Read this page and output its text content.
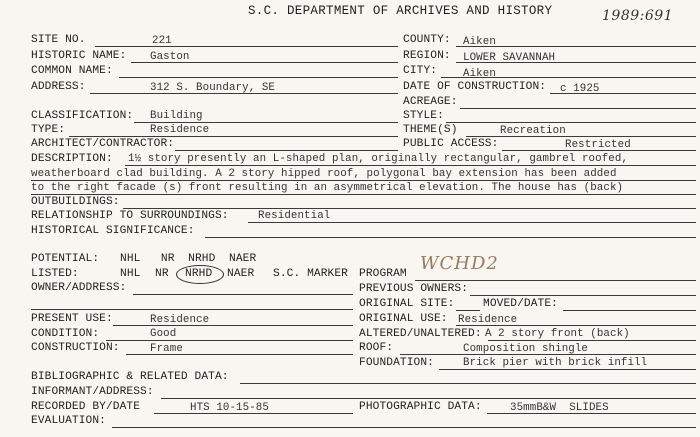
S.C. DEPARTMENT OF ARCHIVES AND HISTORY	1989:691
SITE NO.	221	COUNTY: Aiken
HISTORIC NAME: Gaston	REGION: LOWER SAVANNAH
COMMON NAME:	CITY: Aiken
ADDRESS:	312 S. Boundary, SE	DATE OF CONSTRUCTION: c 1925
ACREAGE:
CLASSIFICATION: Building	STYLE:
TYPE:	Residence	THEME(S)	Recreation
ARCHITECT/CONTRACTOR:	PUBLIC ACCESS:	Restricted
DESCRIPTION: 1½ story presently an L-shaped plan, originally rectangular, gambrel roofed,
weatherboard clad building. A 2 story hipped roof, polygonal bay extension has been added
to the right facade (s) front resulting in an asymmetrical elevation. The house has (back)
OUTBUILDINGS:
RELATIONSHIP TO SURROUNDINGS:	Residential
HISTORICAL SIGNIFICANCE:
POTENTIAL: NHL   NR  NRHD  NAER
LISTED:	NHL NR NRHD NAER S.C. MARKER PROGRAM WCHD2
OWNER/ADDRESS:	PREVIOUS OWNERS:
ORIGINAL SITE:	MOVED/DATE:
PRESENT USE:	Residence	ORIGINAL USE: Residence
CONDITION:	Good	ALTERED/UNALTERED: A 2 story front (back)
CONSTRUCTION:	Frame	ROOF:	Composition shingle
FOUNDATION:	Brick pier with brick infill
BIBLIOGRAPHIC & RELATED DATA:
INFORMANT/ADDRESS:
RECORDED BY/DATE	HTS 10-15-85	PHOTOGRAPHIC DATA:	35mmB&W  SLIDES
EVALUATION:
